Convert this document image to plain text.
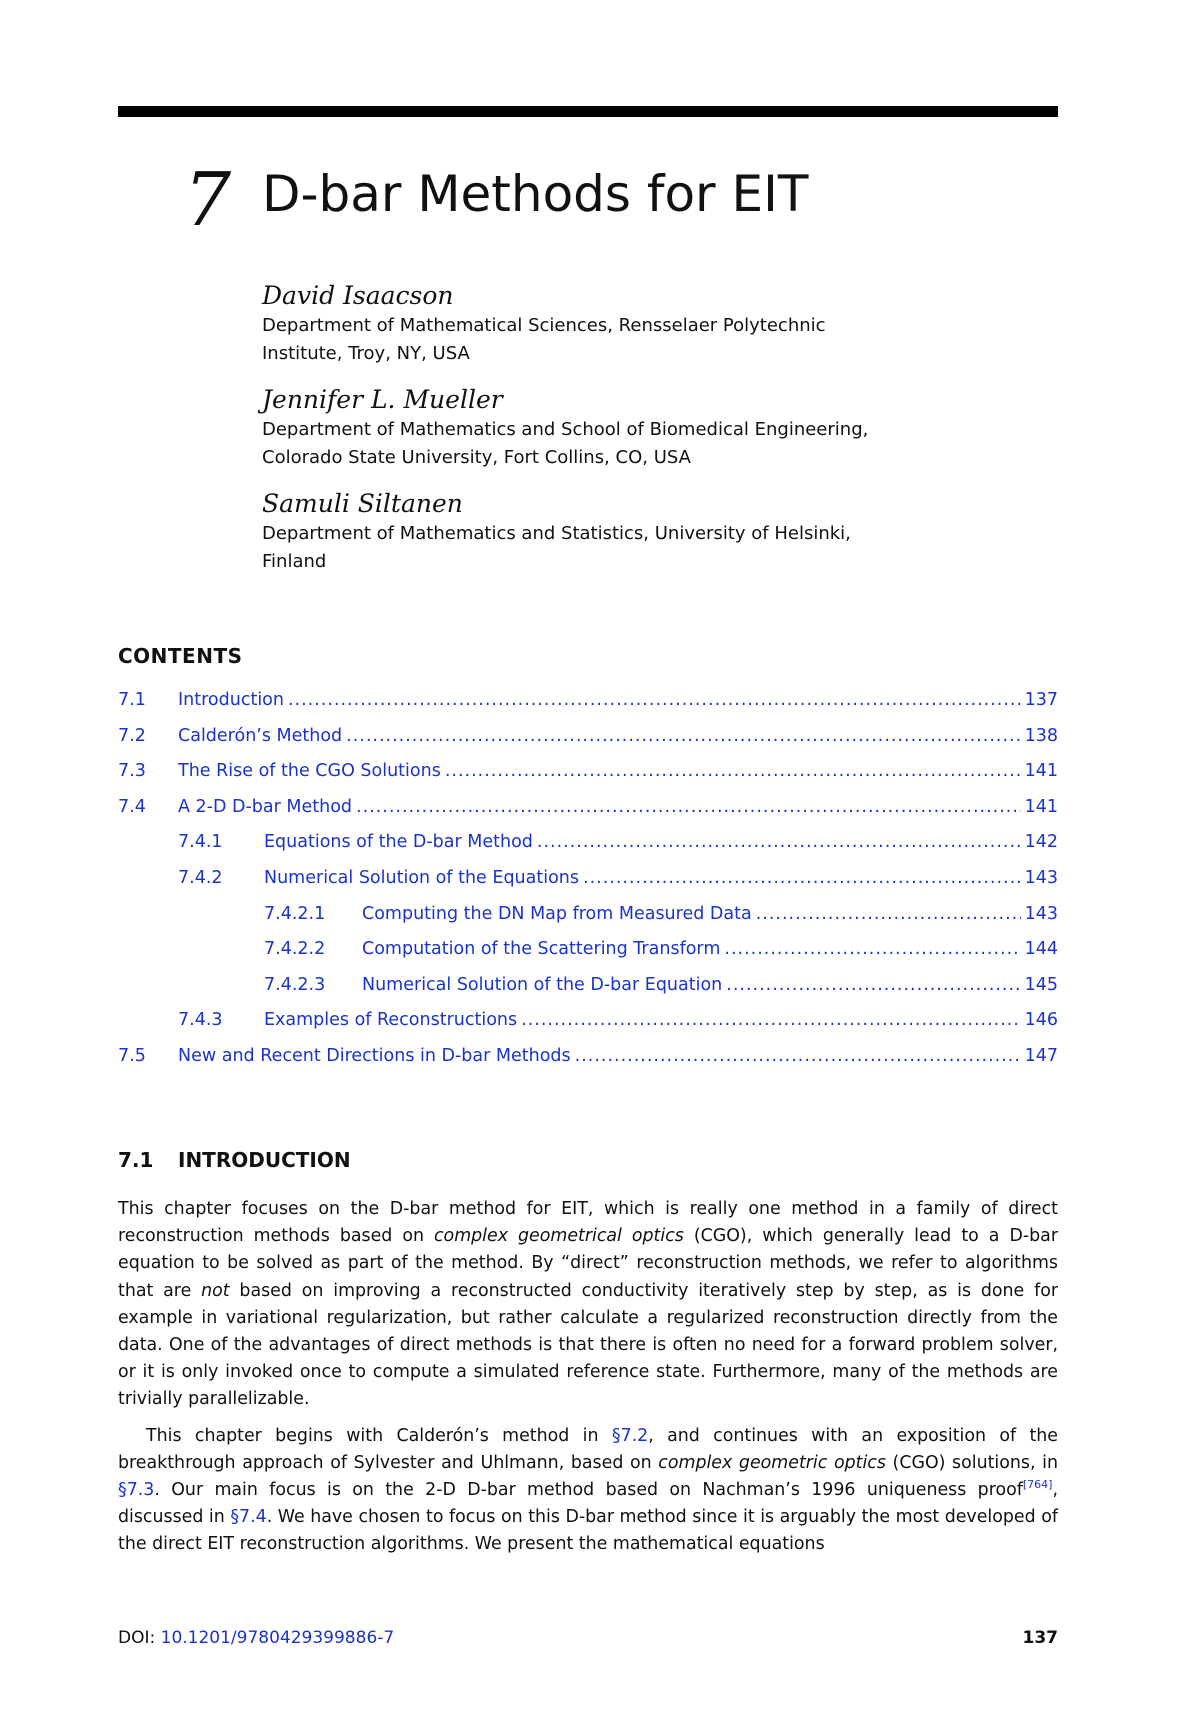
7 D-bar Methods for EIT
David Isaacson
Department of Mathematical Sciences, Rensselaer Polytechnic Institute, Troy, NY, USA
Jennifer L. Mueller
Department of Mathematics and School of Biomedical Engineering, Colorado State University, Fort Collins, CO, USA
Samuli Siltanen
Department of Mathematics and Statistics, University of Helsinki, Finland
CONTENTS
7.1	Introduction .....	137
7.2	Calderón’s Method .....	138
7.3	The Rise of the CGO Solutions .....	141
7.4	A 2-D D-bar Method .....	141
7.4.1	Equations of the D-bar Method .....	142
7.4.2	Numerical Solution of the Equations .....	143
7.4.2.1	Computing the DN Map from Measured Data .....	143
7.4.2.2	Computation of the Scattering Transform .....	144
7.4.2.3	Numerical Solution of the D-bar Equation .....	145
7.4.3	Examples of Reconstructions .....	146
7.5	New and Recent Directions in D-bar Methods .....	147
7.1 INTRODUCTION

This chapter focuses on the D-bar method for EIT, which is really one method in a family of direct reconstruction methods based on complex geometrical optics (CGO), which generally lead to a D-bar equation to be solved as part of the method. By “direct” reconstruction methods, we refer to algorithms that are not based on improving a reconstructed conductivity iteratively step by step, as is done for example in variational regularization, but rather calculate a regularized reconstruction directly from the data. One of the advantages of direct methods is that there is often no need for a forward problem solver, or it is only invoked once to compute a simulated reference state. Furthermore, many of the methods are trivially parallelizable.

This chapter begins with Calderón’s method in §7.2, and continues with an exposition of the breakthrough approach of Sylvester and Uhlmann, based on complex geometric optics (CGO) solutions, in §7.3. Our main focus is on the 2-D D-bar method based on Nachman’s 1996 uniqueness proof[764], discussed in §7.4. We have chosen to focus on this D-bar method since it is arguably the most developed of the direct EIT reconstruction algorithms. We present the mathematical equations

DOI: 10.1201/9780429399886-7	137
